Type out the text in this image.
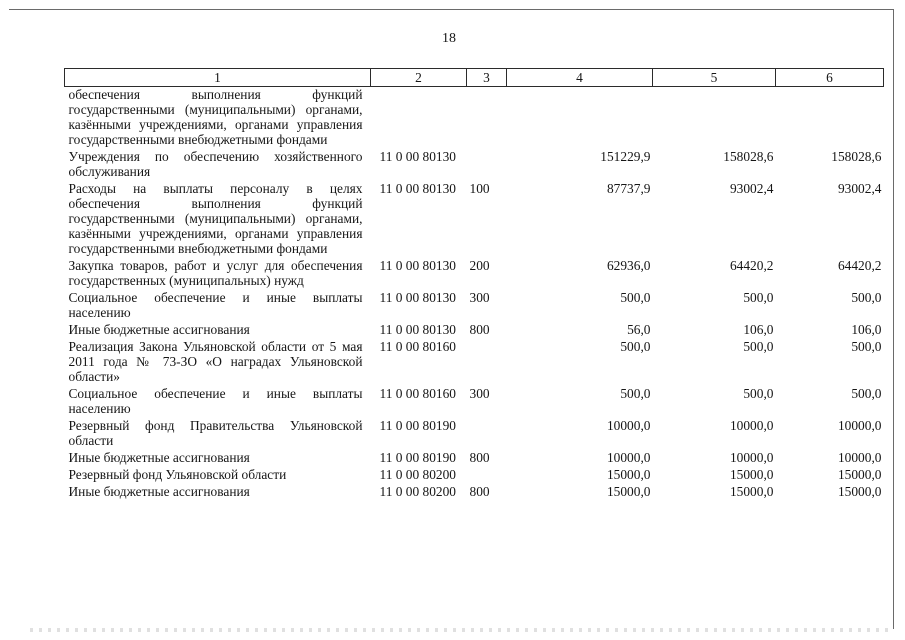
18
1	2	3	4	5	6
обеспечения выполнения функций государственными (муниципальными) органами, казёнными учреждениями, органами управления государственными внебюджетными фондами					
Учреждения по обеспечению хозяйственного обслуживания	11 0 00 80130		151229,9	158028,6	158028,6
Расходы на выплаты персоналу в целях обеспечения выполнения функций государственными (муниципальными) органами, казёнными учреждениями, органами управления государственными внебюджетными фондами	11 0 00 80130	100	87737,9	93002,4	93002,4
Закупка товаров, работ и услуг для обеспечения государственных (муниципальных) нужд	11 0 00 80130	200	62936,0	64420,2	64420,2
Социальное обеспечение и иные выплаты населению	11 0 00 80130	300	500,0	500,0	500,0
Иные бюджетные ассигнования	11 0 00 80130	800	56,0	106,0	106,0
Реализация Закона Ульяновской области от 5 мая 2011 года № 73-ЗО «О наградах Ульяновской области»	11 0 00 80160		500,0	500,0	500,0
Социальное обеспечение и иные выплаты населению	11 0 00 80160	300	500,0	500,0	500,0
Резервный фонд Правительства Ульяновской области	11 0 00 80190		10000,0	10000,0	10000,0
Иные бюджетные ассигнования	11 0 00 80190	800	10000,0	10000,0	10000,0
Резервный фонд Ульяновской области	11 0 00 80200		15000,0	15000,0	15000,0
Иные бюджетные ассигнования	11 0 00 80200	800	15000,0	15000,0	15000,0
